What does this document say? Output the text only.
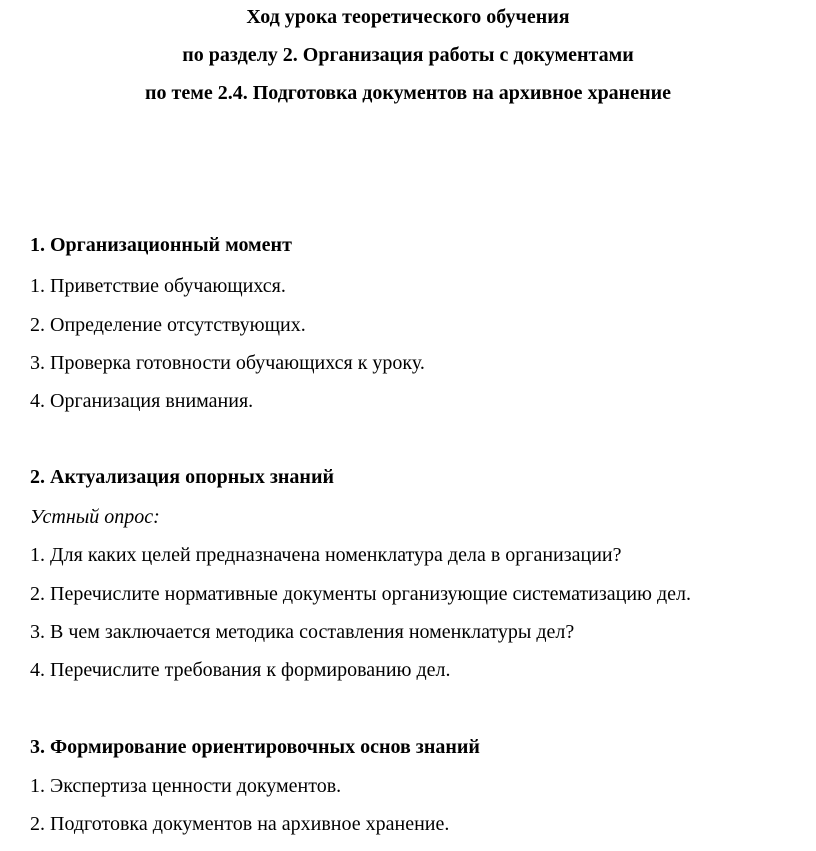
Ход урока теоретического обучения
по разделу 2. Организация работы с документами
по теме 2.4. Подготовка документов на архивное хранение
1. Организационный момент
1. Приветствие обучающихся.
2. Определение отсутствующих.
3. Проверка готовности обучающихся к уроку.
4. Организация внимания.
2. Актуализация опорных знаний
Устный опрос:
1. Для каких целей предназначена номенклатура дела в организации?
2. Перечислите нормативные документы организующие систематизацию дел.
3. В чем заключается методика составления номенклатуры дел?
4. Перечислите требования к формированию дел.
3. Формирование ориентировочных основ знаний
1. Экспертиза ценности документов.
2. Подготовка документов на архивное хранение.
